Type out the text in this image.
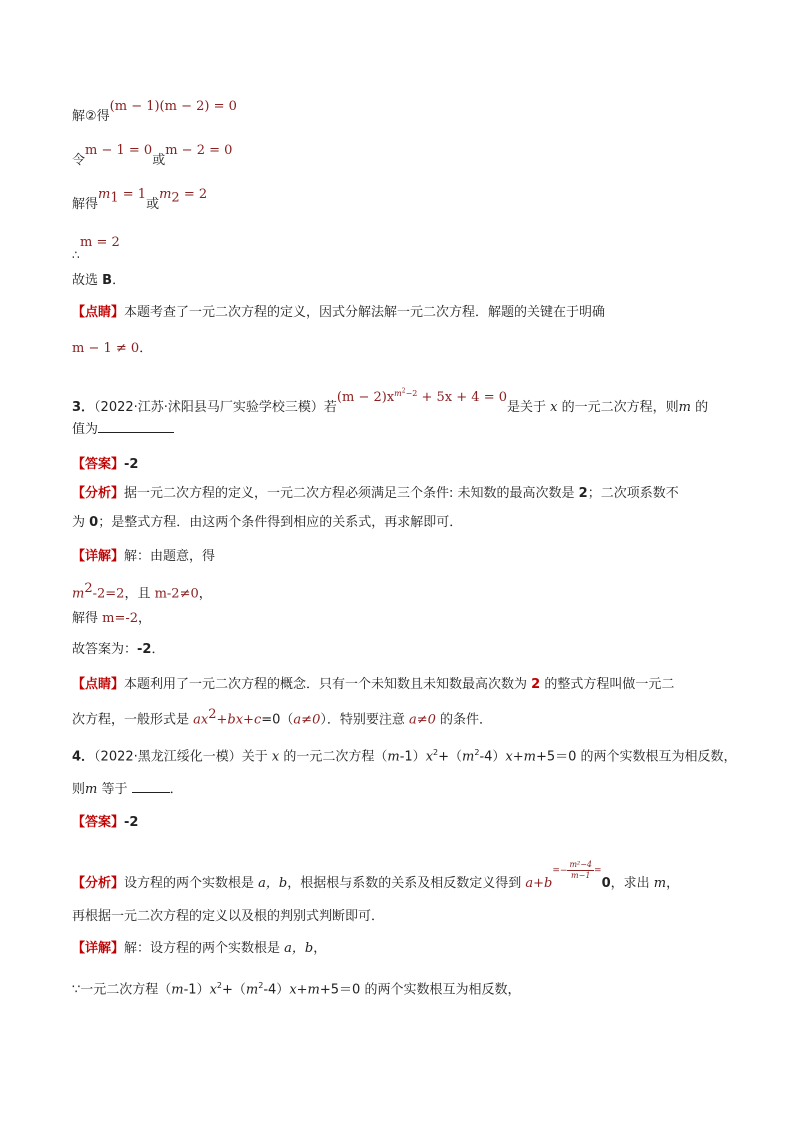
解②得(m − 1)(m − 2) = 0
令m − 1 = 0或m − 2 = 0
解得$m_1 = 1$或$m_2 = 2$
m = 2
∴
故选 B．
【点睛】本题考查了一元二次方程的定义，因式分解法解一元二次方程．解题的关键在于明确
m − 1 ≠ 0．
3．（2022·江苏·沭阳县马厂实验学校三模）若$(m - 2)x^{m^2-2} + 5x + 4 = 0$是关于 x 的一元二次方程，则m 的
值为
【答案】-2
【分析】据一元二次方程的定义，一元二次方程必须满足三个条件: 未知数的最高次数是 2；二次项系数不
为 0；是整式方程．由这两个条件得到相应的关系式，再求解即可．
【详解】解：由题意，得
$m^2-2=2$，且 m-2≠0，
解得 m=-2，
故答案为：-2．
【点睛】本题利用了一元二次方程的概念．只有一个未知数且未知数最高次数为 2 的整式方程叫做一元二
次方程，一般形式是 $ax^2+bx+c=0(a\ne 0)$．特别要注意 a≠0 的条件．
4．（2022·黑龙江绥化一模）关于 x 的一元二次方程$(m-1)x^2+(m^2-4)x+m+5=0$ 的两个实数根互为相反数，
则m 等于	．
【答案】-2
【分析】设方程的两个实数根是 a，b，根据根与系数的关系及相反数定义得到 $a+b^{=- \frac{\text{m²−4}}{m-1} =}0$，求出 m，
再根据一元二次方程的定义以及根的判别式判断即可．
【详解】解：设方程的两个实数根是 a，b，
∵一元二次方程$(m-1)x^2+(m^2-4)x+m+5=0$ 的两个实数根互为相反数，
